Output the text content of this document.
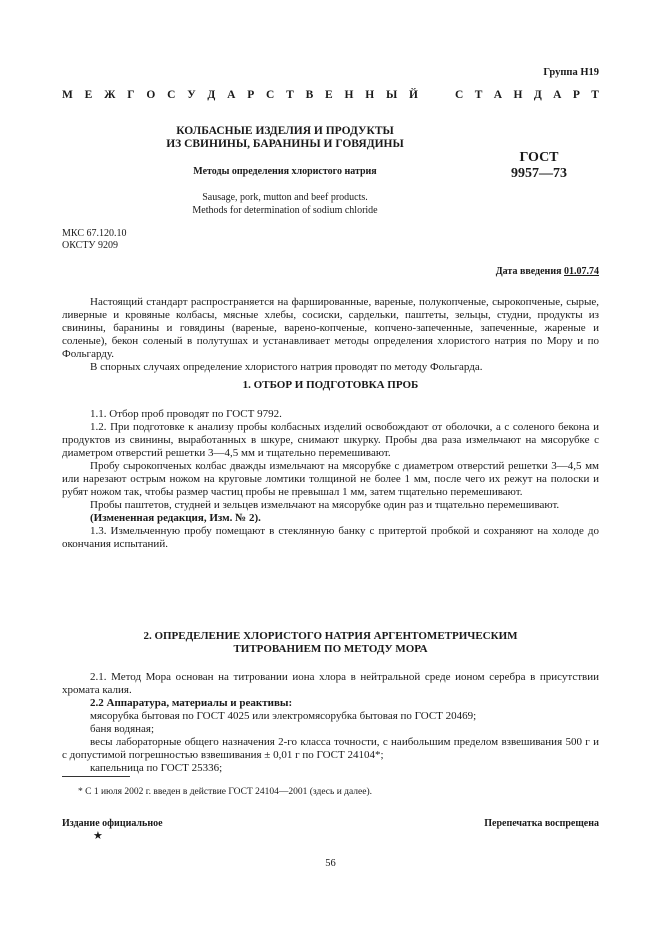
Группа Н19
М Е Ж Г О С У Д А Р С Т В Е Н Н Ы Й	С Т А Н Д А Р Т
КОЛБАСНЫЕ ИЗДЕЛИЯ И ПРОДУКТЫ
ИЗ СВИНИНЫ, БАРАНИНЫ И ГОВЯДИНЫ
Методы определения хлористого натрия
Sausage, pork, mutton and beef products.
Methods for determination of sodium chloride
ГОСТ
9957—73
МКС 67.120.10
ОКСТУ 9209
Дата введения 01.07.74

Настоящий стандарт распространяется на фаршированные, вареные, полукопченые, сырокопченые, сырые, ливерные и кровяные колбасы, мясные хлебы, сосиски, сардельки, паштеты, зельцы, студни, продукты из свинины, баранины и говядины (вареные, варено-копченые, копчено-запеченные, запеченные, жареные и соленые), бекон соленый в полутушах и устанавливает методы определения хлористого натрия по Мору и по Фольгарду.

В спорных случаях определение хлористого натрия проводят по методу Фольгарда.

1. ОТБОР И ПОДГОТОВКА ПРОБ

1.1. Отбор проб проводят по ГОСТ 9792.

1.2. При подготовке к анализу пробы колбасных изделий освобождают от оболочки, а с соленого бекона и продуктов из свинины, выработанных в шкуре, снимают шкурку. Пробы два раза измельчают на мясорубке с диаметром отверстий решетки 3—4,5 мм и тщательно перемешивают.

Пробу сырокопченых колбас дважды измельчают на мясорубке с диаметром отверстий решетки 3—4,5 мм или нарезают острым ножом на круговые ломтики толщиной не более 1 мм, после чего их режут на полоски и рубят ножом так, чтобы размер частиц пробы не превышал 1 мм, затем тщательно перемешивают.

Пробы паштетов, студней и зельцев измельчают на мясорубке один раз и тщательно перемешивают.

(Измененная редакция, Изм. № 2).

1.3. Измельченную пробу помещают в стеклянную банку с притертой пробкой и сохраняют на холоде до окончания испытаний.

2. ОПРЕДЕЛЕНИЕ ХЛОРИСТОГО НАТРИЯ АРГЕНТОМЕТРИЧЕСКИМ
ТИТРОВАНИЕМ ПО МЕТОДУ МОРА

2.1. Метод Мора основан на титровании иона хлора в нейтральной среде ионом серебра в присутствии хромата калия.

2.2 Аппаратура, материалы и реактивы:

мясорубка бытовая по ГОСТ 4025 или электромясорубка бытовая по ГОСТ 20469;

баня водяная;

весы лабораторные общего назначения 2-го класса точности, с наибольшим пределом взвешивания 500 г и с допустимой погрешностью взвешивания ± 0,01 г по ГОСТ 24104*;

капельница по ГОСТ 25336;

* С 1 июля 2002 г. введен в действие ГОСТ 24104—2001 (здесь и далее).
Издание официальное
★
Перепечатка воспрещена
56
